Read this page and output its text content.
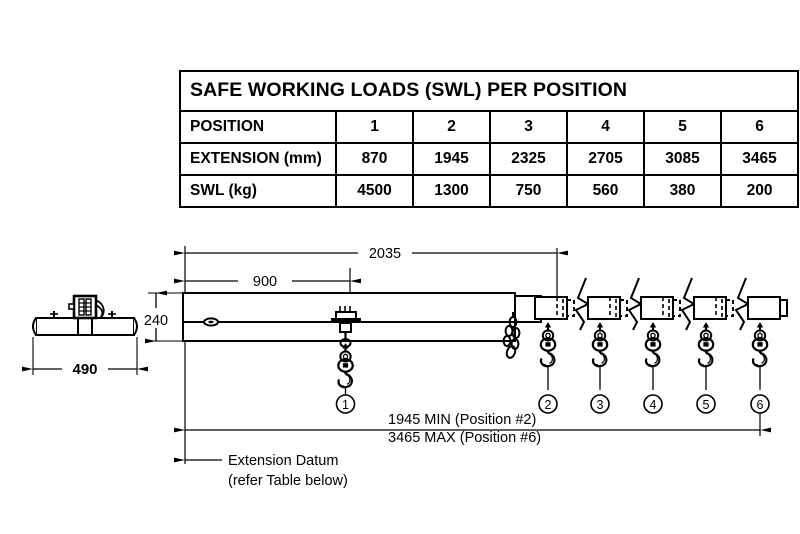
SAFE WORKING LOADS (SWL) PER POSITION						
POSITION	1	2	3	4	5	6
EXTENSION (mm)	870	1945	2325	2705	3085	3465
SWL (kg)	4500	1300	750	560	380	200
490
2035
900
240
1	2	3	4	5	6
1945 MIN (Position #2)
3465 MAX (Position #6)
Extension Datum
(refer Table below)
